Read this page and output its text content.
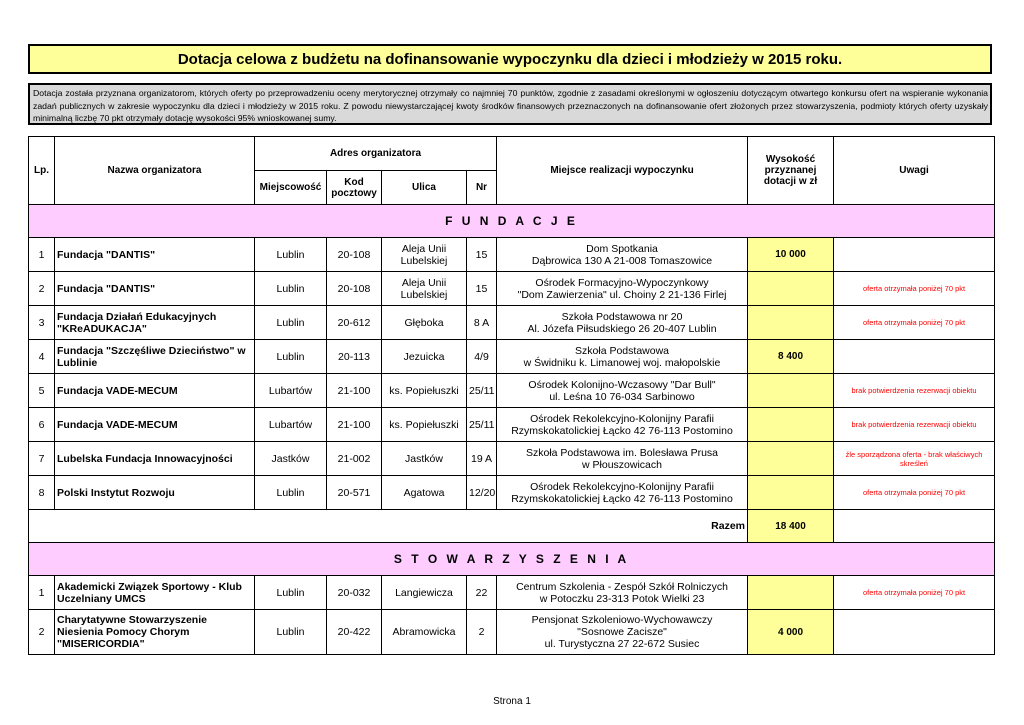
Dotacja celowa z budżetu na dofinansowanie wypoczynku dla dzieci i młodzieży w 2015 roku.
Dotacja została przyznana organizatorom, których oferty po przeprowadzeniu oceny merytorycznej otrzymały co najmniej 70 punktów, zgodnie z zasadami określonymi w ogłoszeniu dotyczącym otwartego konkursu ofert na wspieranie wykonania zadań publicznych w zakresie wypoczynku dla dzieci i młodzieży w 2015 roku. Z powodu niewystarczającej kwoty środków finansowych przeznaczonych na dofinansowanie ofert złożonych przez stowarzyszenia, podmioty których oferty uzyskały minimalną liczbę 70 pkt otrzymały dotację wysokości 95% wnioskowanej sumy.
Lp.	Nazwa organizatora	Adres organizatora				Miejsce realizacji wypoczynku	Wysokość przyznanej dotacji w zł	Uwagi
		Miejscowość	Kod pocztowy	Ulica	Nr			
F U N D A C J E								
1	Fundacja "DANTIS"	Lublin	20-108	Aleja Unii Lubelskiej	15	Dom Spotkania
Dąbrowica 130 A 21-008 Tomaszowice	10 000	
2	Fundacja "DANTIS"	Lublin	20-108	Aleja Unii Lubelskiej	15	Ośrodek Formacyjno-Wypoczynkowy
"Dom Zawierzenia" ul. Choiny 2 21-136 Firlej		oferta otrzymała poniżej 70 pkt
3	Fundacja Działań Edukacyjnych "KReADUKACJA"	Lublin	20-612	Głęboka	8 A	Szkoła Podstawowa nr 20
Al. Józefa Piłsudskiego 26 20-407 Lublin		oferta otrzymała poniżej 70 pkt
4	Fundacja "Szczęśliwe Dzieciństwo" w Lublinie	Lublin	20-113	Jezuicka	4/9	Szkoła Podstawowa
w Świdniku k. Limanowej woj. małopolskie	8 400	
5	Fundacja VADE-MECUM	Lubartów	21-100	ks. Popiełuszki	25/11	Ośrodek Kolonijno-Wczasowy "Dar Bull"
ul. Leśna 10 76-034 Sarbinowo		brak potwierdzenia rezerwacji obiektu
6	Fundacja VADE-MECUM	Lubartów	21-100	ks. Popiełuszki	25/11	Ośrodek Rekolekcyjno-Kolonijny Parafii
Rzymskokatolickiej Łącko 42 76-113 Postomino		brak potwierdzenia rezerwacji obiektu
7	Lubelska Fundacja Innowacyjności	Jastków	21-002	Jastków	19 A	Szkoła Podstawowa im. Bolesława Prusa
w Płouszowicach		źle sporządzona oferta - brak właściwych skreśleń
8	Polski Instytut Rozwoju	Lublin	20-571	Agatowa	12/20	Ośrodek Rekolekcyjno-Kolonijny Parafii
Rzymskokatolickiej Łącko 42 76-113 Postomino		oferta otrzymała poniżej 70 pkt
Razem							18 400	
S T O W A R Z Y S Z E N I A								
1	Akademicki Związek Sportowy - Klub Uczelniany UMCS	Lublin	20-032	Langiewicza	22	Centrum Szkolenia - Zespół Szkół Rolniczych
w Potoczku 23-313 Potok Wielki 23		oferta otrzymała poniżej 70 pkt
2	Charytatywne Stowarzyszenie Niesienia Pomocy Chorym "MISERICORDIA"	Lublin	20-422	Abramowicka	2	Pensjonat Szkoleniowo-Wychowawczy
"Sosnowe Zacisze"
ul. Turystyczna 27 22-672 Susiec	4 000	
Strona 1
